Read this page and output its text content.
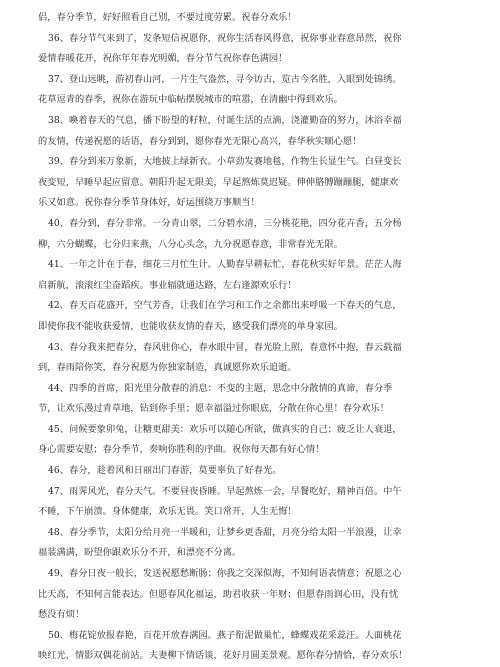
侣，春分季节，好好照看自己别，不要过度劳累。祝春分欢乐！

36、春分节气来到了，发条短信祝愿你，祝你生活春风得意，祝你事业春意昂然，祝你
爱情春暖花开，祝你年年春光明媚，春分节气祝你春色满园！

37、登山远眺，游初春山河，一片生气盎然，寻今访古，览古今名胜，入眼到处锦绣。
花草逗青的春季，祝你在游玩中临帖摆脱城市的喧嚣，在清幽中得到欢乐。

38、喚着春天的气息，播下盼望的籽粒，付诞生活的点滴，浇灌勤奋的努力，沐浴幸福
的友情，传递祝愿的话语，春分到到，愿你春光无限心高兴，春华秋实顺心愿！

39、春分到来万象新，大地披上绿新衣。小草劲发赛地毯，作物生长显生气。白昼变长
夜变短，早睡早起应留意。朝阳升起无限美，早起熬炼莫迟疑。伸伸胳膊蹦蹦腿，健康欢
乐又如意。祝你春分季节身体好，好运围绕万事顺当！

40、春分到，春分非常。一分青山翠，二分碧水清，三分桃花艳，四分花卉香，五分杨
柳，六分蝴蝶，七分归来燕，八分心头念，九分祝愿春意，非常春光无限。

41、一年之计在于春，细花三月忙生计。人勤春早耕耘忙，春花秋实好年景。茫茫人海
启新航，滚滚红尘奋蹈疾。事业辐就通达路，左右逢源欢乐行！

42、春天百花盛开，空气芳香，让我们在学习和工作之余都出来呼吸一下春天的气息，
即使你我不能收获爱情，也能收获友情的春天，感受我们漂亮的单身家园。

43、春分我来把春分，春风驻你心，春水眼中冒，春光脸上照，春意怀中抱，春云载福
到，春雨陪你笑，春分祝愿为你独家制造，真诚愿你欢乐追逝。

44、四季的首席，阳光里分散春的消息：不变的主题，思念中分散情的真谛，春分季
节，让欢乐漫过青草地，钻到你手里；愿幸福溢过你眼底，分散在你心里！春分欢乐！

45、问候要象卯兔，让糖更甜美：欢乐可以随心所欲，做真实的自己；疲乏让人衰退，
身心需要安慰；春分季节，奏响你胜利的序曲。祝你每天都有好心情！

46、春分，趁着风和日丽出门春游，莫要辜负了好春光。

47、雨霁风光，春分天气。不要昼夜昏睡。早起熬炼一会，早餐吃好，精神百倍。中午
不睡，下午崩溃。身体健康，欢乐无畏。笑口常开，人生无悔！

48、春分季节，太阳分给月亮一半暖和，让梦乡更香甜，月亮分给太阳一半浪漫，让幸
福装满满，盼望你跟欢乐分不开，和漂亮不分离。

49、春分日夜一般长，发送祝愿愁断肠；你我之交深似海，不知何语表情意；祝愿之心
比天高，不知何言能表达。但愿春风化福运，助君收获一年财；但愿春雨润心田，没有忧
愁没有烦！

50、梅花锭放报春艳，百花开放春满园。燕子衔泥做巢忙，蜂蝶戏花采蕊汪。人面桃花
映红光，情影双偶花前站。夫妻柳下情话谈，花好月圆美景观。愿你春分情恰，春分欢乐！
